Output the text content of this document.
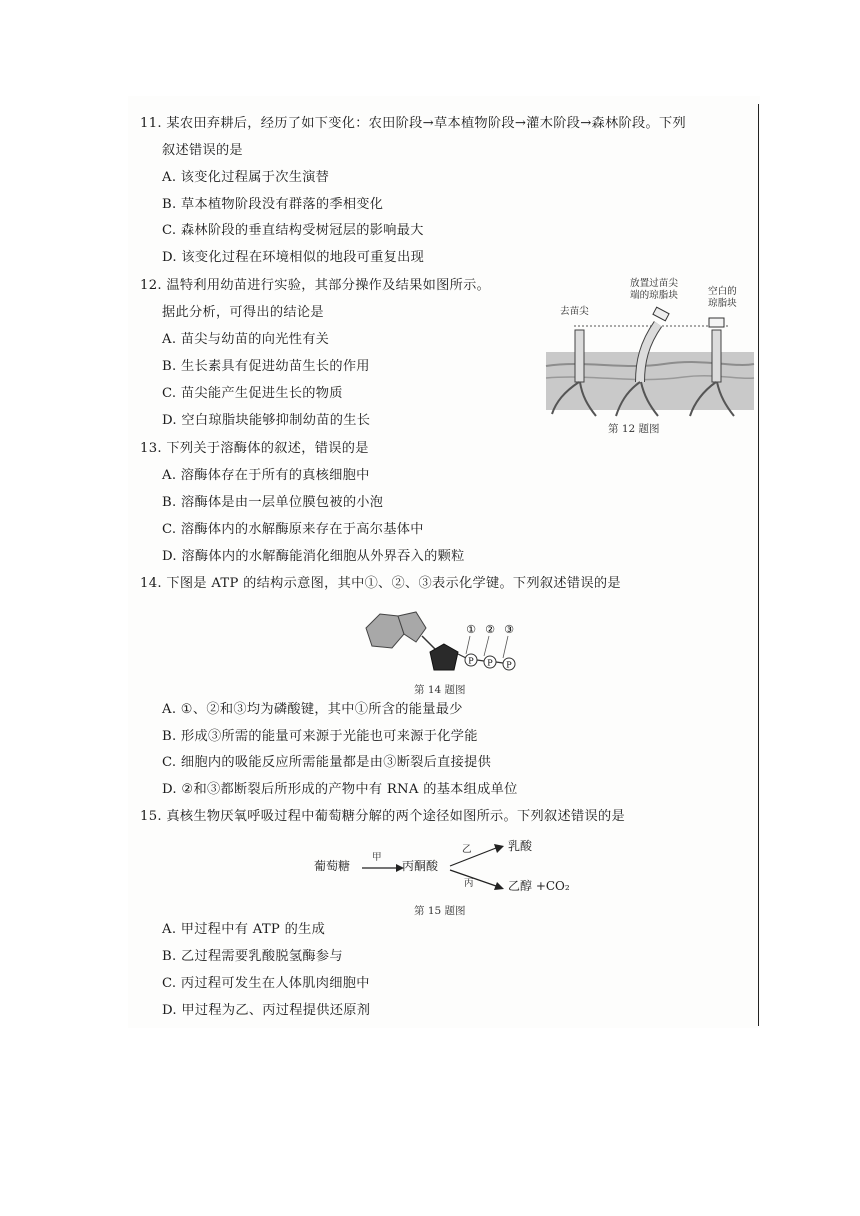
11. 某农田弃耕后，经历了如下变化：农田阶段→草本植物阶段→灌木阶段→森林阶段。下列
叙述错误的是
A. 该变化过程属于次生演替
B. 草本植物阶段没有群落的季相变化
C. 森林阶段的垂直结构受树冠层的影响最大
D. 该变化过程在环境相似的地段可重复出现
12. 温特利用幼苗进行实验，其部分操作及结果如图所示。
据此分析，可得出的结论是
A. 苗尖与幼苗的向光性有关
B. 生长素具有促进幼苗生长的作用
C. 苗尖能产生促进生长的物质
D. 空白琼脂块能够抑制幼苗的生长
去苗尖
放置过苗尖
端的琼脂块	空白的
琼脂块
第 12 题图
13. 下列关于溶酶体的叙述，错误的是
A. 溶酶体存在于所有的真核细胞中
B. 溶酶体是由一层单位膜包被的小泡
C. 溶酶体内的水解酶原来存在于高尔基体中
D. 溶酶体内的水解酶能消化细胞从外界吞入的颗粒
14. 下图是 ATP 的结构示意图，其中①、②、③表示化学键。下列叙述错误的是
P P P
① ② ③
第 14 题图
A. ①、②和③均为磷酸键，其中①所含的能量最少
B. 形成③所需的能量可来源于光能也可来源于化学能
C. 细胞内的吸能反应所需能量都是由③断裂后直接提供
D. ②和③都断裂后所形成的产物中有 RNA 的基本组成单位
15. 真核生物厌氧呼吸过程中葡萄糖分解的两个途径如图所示。下列叙述错误的是
葡萄糖
甲
丙酮酸
乙
丙
乳酸
乙醇 +CO₂
第 15 题图
A. 甲过程中有 ATP 的生成
B. 乙过程需要乳酸脱氢酶参与
C. 丙过程可发生在人体肌肉细胞中
D. 甲过程为乙、丙过程提供还原剂
